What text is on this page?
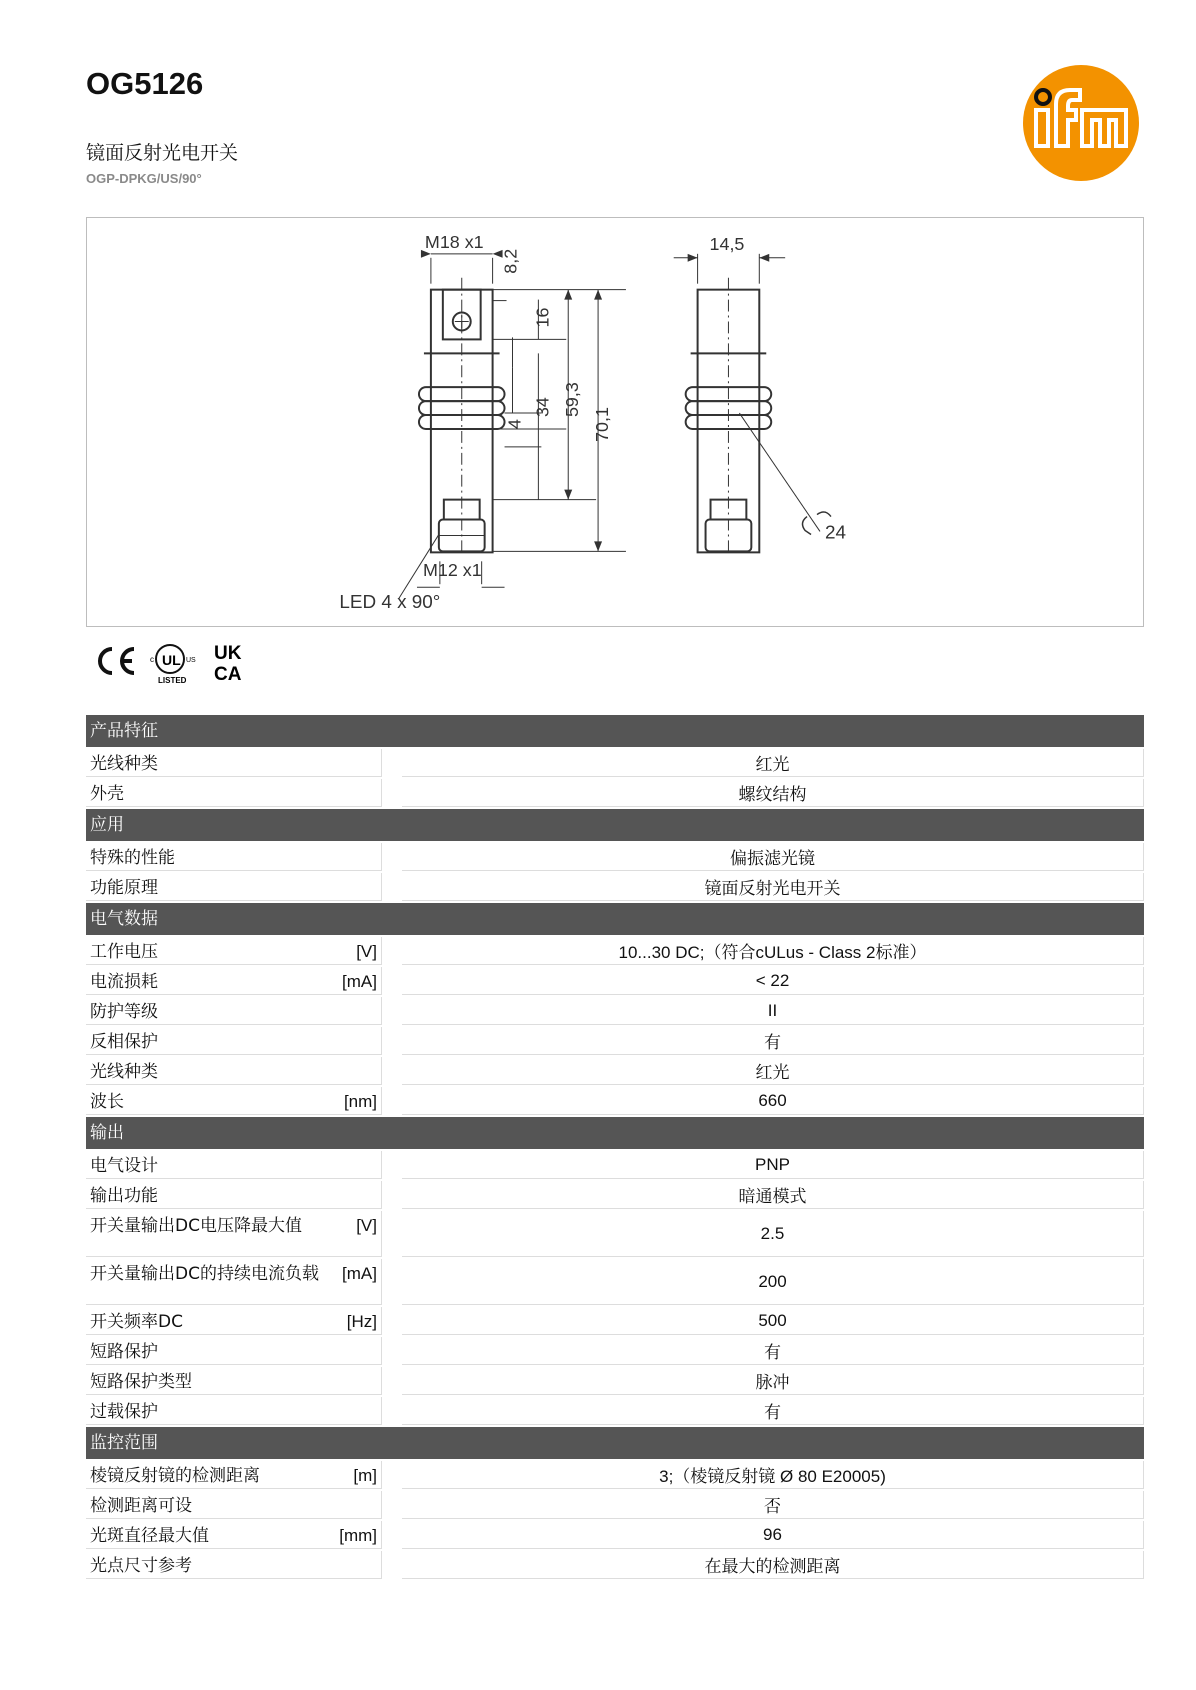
OG5126
镜面反射光电开关
OGP-DPKG/US/90°
M18 x1	14,5
8,2
16
34
4
59,3
70,1
M12 x1
LED 4 x 90°
24
UL
c	US
LISTED
UK
CA
产品特征
光线种类	红光
外壳	螺纹结构
应用
特殊的性能	偏振滤光镜
功能原理	镜面反射光电开关
电气数据
工作电压	[V]	10...30 DC;（符合cULus - Class 2标准）
电流损耗	[mA]	< 22
防护等级	II
反相保护	有
光线种类	红光
波长	[nm]	660
输出
电气设计	PNP
输出功能	暗通模式
开关量输出DC电压降最大值	[V]	2.5
开关量输出DC的持续电流负载	[mA]	200
开关频率DC	[Hz]	500
短路保护	有
短路保护类型	脉冲
过载保护	有
监控范围
棱镜反射镜的检测距离	[m]	3;（棱镜反射镜 Ø 80 E20005)
检测距离可设	否
光斑直径最大值	[mm]	96
光点尺寸参考	在最大的检测距离
